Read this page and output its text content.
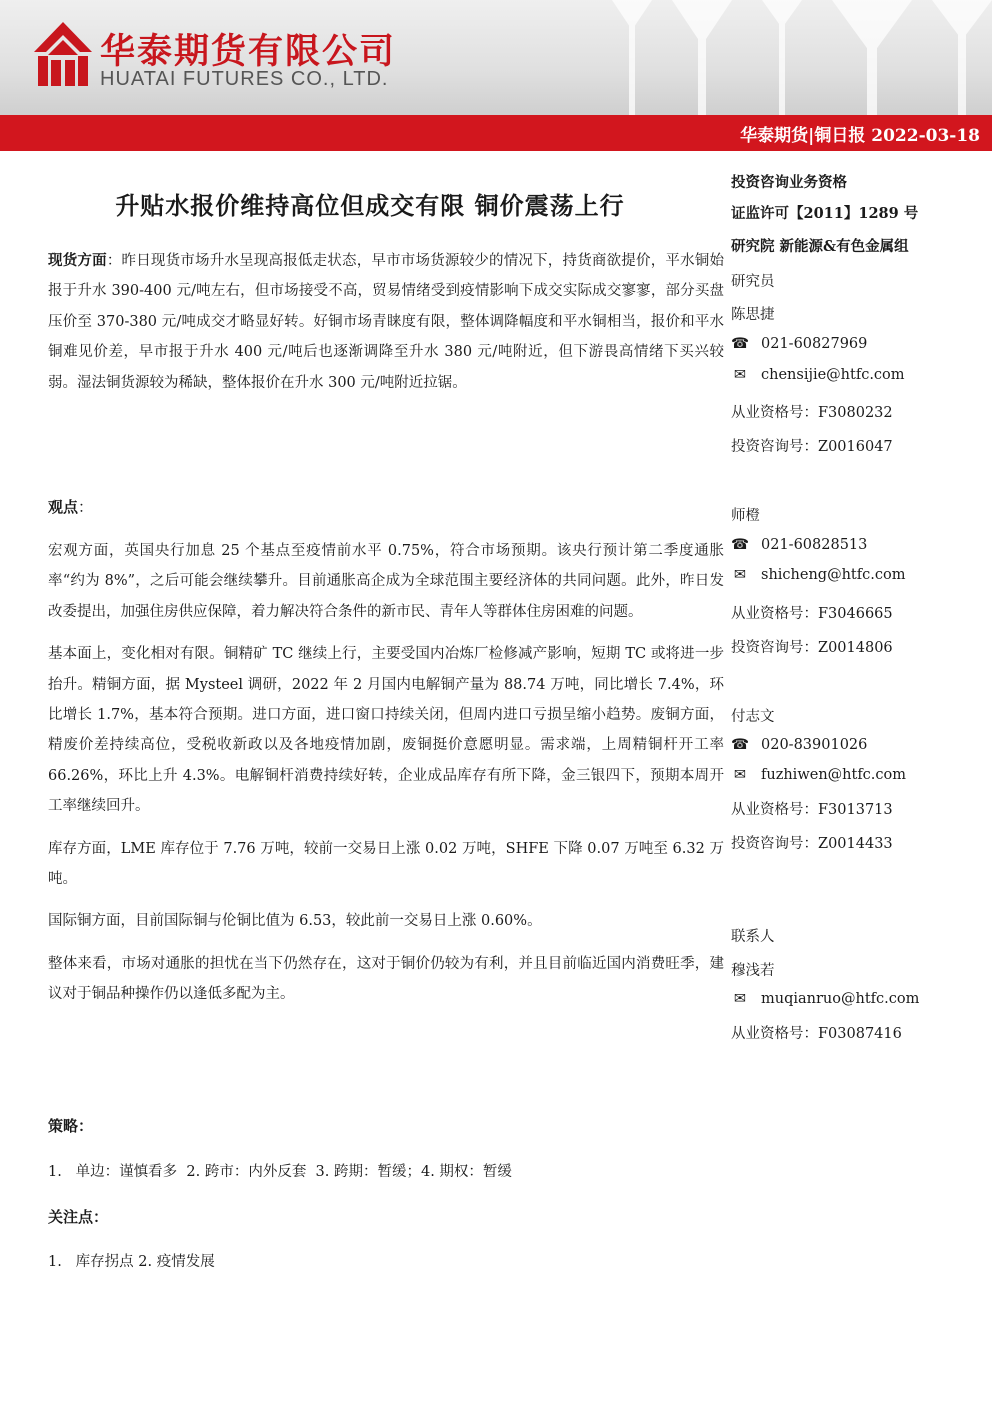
华泰期货有限公司
HUATAI FUTURES CO., LTD.
华泰期货|铜日报 2022-03-18
升贴水报价维持高位但成交有限 铜价震荡上行

现货方面：昨日现货市场升水呈现高报低走状态，早市市场货源较少的情况下，持货商欲提价，平水铜始报于升水 390-400 元/吨左右，但市场接受不高，贸易情绪受到疫情影响下成交实际成交寥寥，部分买盘压价至 370-380 元/吨成交才略显好转。好铜市场青睐度有限，整体调降幅度和平水铜相当，报价和平水铜难见价差，早市报于升水 400 元/吨后也逐渐调降至升水 380 元/吨附近，但下游畏高情绪下买兴较弱。湿法铜货源较为稀缺，整体报价在升水 300 元/吨附近拉锯。

观点：

宏观方面，英国央行加息 25 个基点至疫情前水平 0.75%，符合市场预期。该央行预计第二季度通胀率“约为 8%”，之后可能会继续攀升。目前通胀高企成为全球范围主要经济体的共同问题。此外，昨日发改委提出，加强住房供应保障，着力解决符合条件的新市民、青年人等群体住房困难的问题。

基本面上，变化相对有限。铜精矿 TC 继续上行，主要受国内冶炼厂检修减产影响，短期 TC 或将进一步抬升。精铜方面，据 Mysteel 调研，2022 年 2 月国内电解铜产量为 88.74 万吨，同比增长 7.4%，环比增长 1.7%，基本符合预期。进口方面，进口窗口持续关闭，但周内进口亏损呈缩小趋势。废铜方面，精废价差持续高位，受税收新政以及各地疫情加剧，废铜挺价意愿明显。需求端，上周精铜杆开工率 66.26%，环比上升 4.3%。电解铜杆消费持续好转，企业成品库存有所下降，金三银四下，预期本周开工率继续回升。

库存方面，LME 库存位于 7.76 万吨，较前一交易日上涨 0.02 万吨，SHFE 下降 0.07 万吨至 6.32 万吨。

国际铜方面，目前国际铜与伦铜比值为 6.53，较此前一交易日上涨 0.60%。

整体来看，市场对通胀的担忧在当下仍然存在，这对于铜价仍较为有利，并且目前临近国内消费旺季，建议对于铜品种操作仍以逢低多配为主。

策略：
1.   单边：谨慎看多  2. 跨市：内外反套  3. 跨期：暂缓；4. 期权：暂缓
关注点：
1.   库存拐点 2. 疫情发展
投资咨询业务资格
证监许可【2011】1289 号
研究院 新能源&有色金属组
研究员
陈思捷
☎ 021-60827969
✉ chensijie@htfc.com
从业资格号：F3080232
投资咨询号：Z0016047
师橙
☎ 021-60828513
✉ shicheng@htfc.com
从业资格号：F3046665
投资咨询号：Z0014806
付志文
☎ 020-83901026
✉ fuzhiwen@htfc.com
从业资格号：F3013713
投资咨询号：Z0014433
联系人
穆浅若
✉ muqianruo@htfc.com
从业资格号：F03087416
